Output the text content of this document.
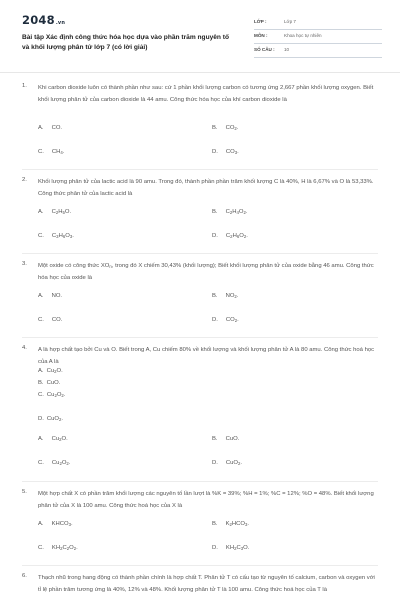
2048.vn
Bài tập Xác định công thức hóa học dựa vào phần trăm nguyên tố và khối lượng phân tử lớp 7 (có lời giải)
LỚP :	Lớp 7
MÔN :	Khoa học tự nhiên
SỐ CÂU : 10
1. Khi carbon dioxide luôn có thành phần như sau: cứ 1 phần khối lượng carbon có tương ứng 2,667 phần khối lượng oxygen. Biết khối lượng phân tử của carbon dioxide là 44 amu. Công thức hóa học của khí carbon dioxide là
A. CO.	B. $CO_2$.
C. $CH_4$.	D. $CO_3$.
2. Khối lượng phân tử của lactic acid là 90 amu. Trong đó, thành phần phần trăm khối lượng C là 40%, H là 6,67% và O là 53,33%. Công thức phân tử của lactic acid là
A. $C_2H_5O$.	B. $C_2H_4O_2$.
C. $C_3H_6O_3$.	D. $C_2H_6O_2$.
3. Một oxide có công thức $XO_n$, trong đó X chiếm 30,43% (khối lượng); Biết khối lượng phân tử của oxide bằng 46 amu. Công thức hóa học của oxide là
A. NO.	B. $NO_2$.
C. CO.	D. $CO_2$.
4. A là hợp chất tạo bởi Cu và O. Biết trong A, Cu chiếm 80% về khối lượng và khối lượng phân tử A là 80 amu. Công thức hoá học của A là
A. $Cu_2O$.
B. CuO.
C. $Cu_2O_2$.
D. CuO$_2$.
A. $Cu_2O$.	B. CuO.
C. $Cu_2O_2$.	D. CuO$_2$.
5. Một hợp chất X có phần trăm khối lượng các nguyên tố lần lượt là %K = 39%; %H = 1%; %C = 12%; %O = 48%. Biết khối lượng phân tử của X là 100 amu. Công thức hoá học của X là
A. $KHCO_3$.	B. $K_2HCO_3$.
C. $KH_2C_2O_2$.	D. $KH_2C_3O$.
6. Thạch nhũ trong hang động có thành phần chính là hợp chất T. Phân tử T có cấu tạo từ nguyên tố calcium, carbon và oxygen với tỉ lệ phần trăm tương ứng là 40%, 12% và 48%. Khối lượng phân tử T là 100 amu. Công thức hoá học của T là
